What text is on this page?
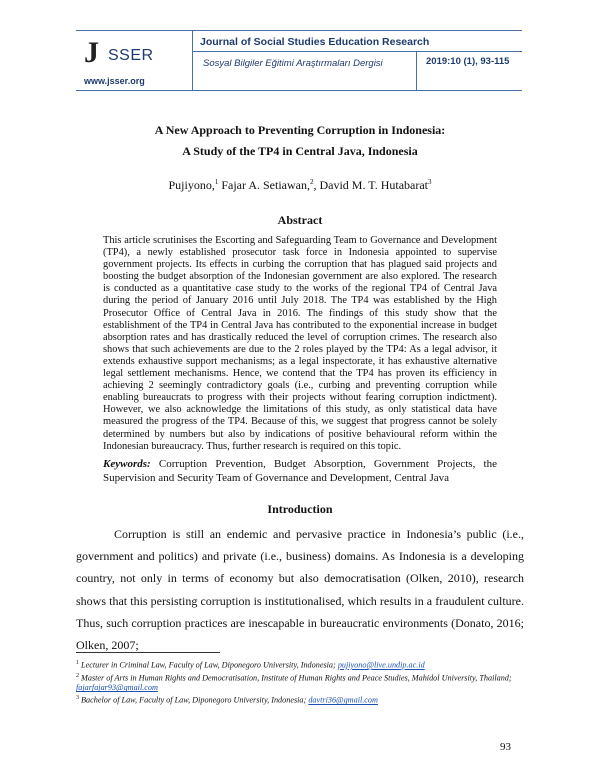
J SSER
www.jsser.org
Journal of Social Studies Education Research
Sosyal Bilgiler Eğitimi Araştırmaları Dergisi	2019:10 (1), 93-115
A New Approach to Preventing Corruption in Indonesia:
A Study of the TP4 in Central Java, Indonesia
Pujiyono,$^1$ Fajar A. Setiawan,$^2$, David M. T. Hutabarat$^3$
Abstract
This article scrutinises the Escorting and Safeguarding Team to Governance and Development (TP4), a newly established prosecutor task force in Indonesia appointed to supervise government projects. Its effects in curbing the corruption that has plagued said projects and boosting the budget absorption of the Indonesian government are also explored. The research is conducted as a quantitative case study to the works of the regional TP4 of Central Java during the period of January 2016 until July 2018. The TP4 was established by the High Prosecutor Office of Central Java in 2016. The findings of this study show that the establishment of the TP4 in Central Java has contributed to the exponential increase in budget absorption rates and has drastically reduced the level of corruption crimes. The research also shows that such achievements are due to the 2 roles played by the TP4: As a legal advisor, it extends exhaustive support mechanisms; as a legal inspectorate, it has exhaustive alternative legal settlement mechanisms. Hence, we contend that the TP4 has proven its efficiency in achieving 2 seemingly contradictory goals (i.e., curbing and preventing corruption while enabling bureaucrats to progress with their projects without fearing corruption indictment). However, we also acknowledge the limitations of this study, as only statistical data have measured the progress of the TP4. Because of this, we suggest that progress cannot be solely determined by numbers but also by indications of positive behavioural reform within the Indonesian bureaucracy. Thus, further research is required on this topic.
Keywords: Corruption Prevention, Budget Absorption, Government Projects, the Supervision and Security Team of Governance and Development, Central Java
Introduction
Corruption is still an endemic and pervasive practice in Indonesia’s public (i.e., government and politics) and private (i.e., business) domains. As Indonesia is a developing country, not only in terms of economy but also democratisation (Olken, 2010), research shows that this persisting corruption is institutionalised, which results in a fraudulent culture. Thus, such corruption practices are inescapable in bureaucratic environments (Donato, 2016; Olken, 2007;
$^1$ Lecturer in Criminal Law, Faculty of Law, Diponegoro University, Indonesia; pujiyono@live.undip.ac.id
$^2$ Master of Arts in Human Rights and Democratisation, Institute of Human Rights and Peace Studies, Mahidol University, Thailand; fajarfajar93@gmail.com
$^3$ Bachelor of Law, Faculty of Law, Diponegoro University, Indonesia; davtri36@gmail.com
93
